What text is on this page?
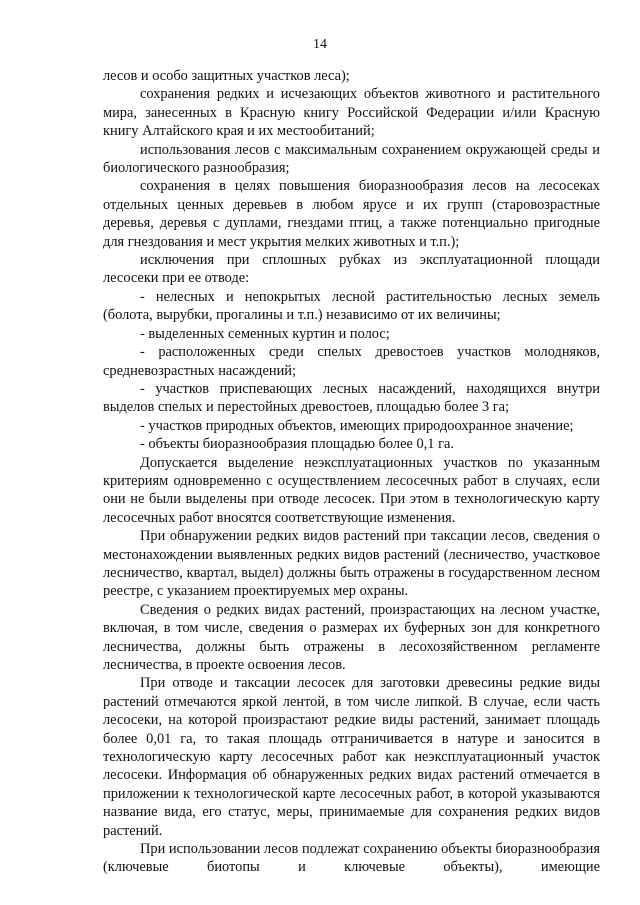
14

лесов и особо защитных участков леса);

сохранения редких и исчезающих объектов животного и растительного мира, занесенных в Красную книгу Российской Федерации и/или Красную книгу Алтайского края и их местообитаний;

использования лесов с максимальным сохранением окружающей среды и биологического разнообразия;

сохранения в целях повышения биоразнообразия лесов на лесосеках отдельных ценных деревьев в любом ярусе и их групп (старовозрастные деревья, деревья с дуплами, гнездами птиц, а также потенциально пригодные для гнездования и мест укрытия мелких животных и т.п.);

исключения при сплошных рубках из эксплуатационной площади лесосеки при ее отводе:

- нелесных и непокрытых лесной растительностью лесных земель (болота, вырубки, прогалины и т.п.) независимо от их величины;

- выделенных семенных куртин и полос;

- расположенных среди спелых древостоев участков молодняков, средневозрастных насаждений;

- участков приспевающих лесных насаждений, находящихся внутри выделов спелых и перестойных древостоев, площадью более 3 га;

- участков природных объектов, имеющих природоохранное значение;

- объекты биоразнообразия площадью более 0,1 га.

Допускается выделение неэксплуатационных участков по указанным критериям одновременно с осуществлением лесосечных работ в случаях, если они не были выделены при отводе лесосек. При этом в технологическую карту лесосечных работ вносятся соответствующие изменения.

При обнаружении редких видов растений при таксации лесов, сведения о местонахождении выявленных редких видов растений (лесничество, участковое лесничество, квартал, выдел) должны быть отражены в государственном лесном реестре, с указанием проектируемых мер охраны.

Сведения о редких видах растений, произрастающих на лесном участке, включая, в том числе, сведения о размерах их буферных зон для конкретного лесничества, должны быть отражены в лесохозяйственном регламенте лесничества, в проекте освоения лесов.

При отводе и таксации лесосек для заготовки древесины редкие виды растений отмечаются яркой лентой, в том числе липкой. В случае, если часть лесосеки, на которой произрастают редкие виды растений, занимает площадь более 0,01 га, то такая площадь отграничивается в натуре и заносится в технологическую карту лесосечных работ как неэксплуатационный участок лесосеки. Информация об обнаруженных редких видах растений отмечается в приложении к технологической карте лесосечных работ, в которой указываются название вида, его статус, меры, принимаемые для сохранения редких видов растений.

При использовании лесов подлежат сохранению объекты биоразнообразия (ключевые биотопы и ключевые объекты), имеющие
